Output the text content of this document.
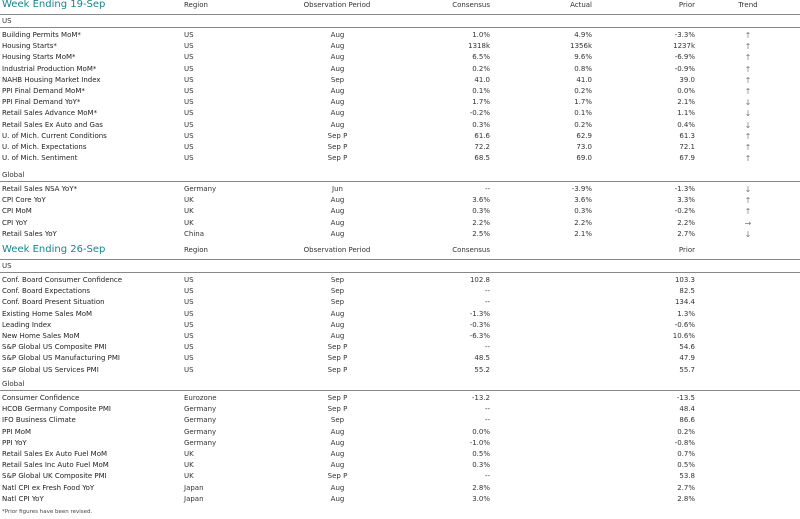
Week Ending 19-Sep	Region	Observation Period	Consensus	Actual	Prior	Trend
US
Building Permits MoM*	US	Aug	1.0%	4.9%	-3.3%	↑
Housing Starts*	US	Aug	1318k	1356k	1237k	↑
Housing Starts MoM*	US	Aug	6.5%	9.6%	-6.9%	↑
Industrial Production MoM*	US	Aug	0.2%	0.8%	-0.9%	↑
NAHB Housing Market Index	US	Sep	41.0	41.0	39.0	↑
PPI Final Demand MoM*	US	Aug	0.1%	0.2%	0.0%	↑
PPI Final Demand YoY*	US	Aug	1.7%	1.7%	2.1%	↓
Retail Sales Advance MoM*	US	Aug	-0.2%	0.1%	1.1%	↓
Retail Sales Ex Auto and Gas	US	Aug	0.3%	0.2%	0.4%	↓
U. of Mich. Current Conditions	US	Sep P	61.6	62.9	61.3	↑
U. of Mich. Expectations	US	Sep P	72.2	73.0	72.1	↑
U. of Mich. Sentiment	US	Sep P	68.5	69.0	67.9	↑
Global
Retail Sales NSA YoY*	Germany	Jun	--	-3.9%	-1.3%	↓
CPI Core YoY	UK	Aug	3.6%	3.6%	3.3%	↑
CPI MoM	UK	Aug	0.3%	0.3%	-0.2%	↑
CPI YoY	UK	Aug	2.2%	2.2%	2.2%	→
Retail Sales YoY	China	Aug	2.5%	2.1%	2.7%	↓
Week Ending 26-Sep	Region	Observation Period	Consensus	Prior
US
Conf. Board Consumer Confidence	US	Sep	102.8	103.3
Conf. Board Expectations	US	Sep	--	82.5
Conf. Board Present Situation	US	Sep	--	134.4
Existing Home Sales MoM	US	Aug	-1.3%	1.3%
Leading Index	US	Aug	-0.3%	-0.6%
New Home Sales MoM	US	Aug	-6.3%	10.6%
S&P Global US Composite PMI	US	Sep P	--	54.6
S&P Global US Manufacturing PMI	US	Sep P	48.5	47.9
S&P Global US Services PMI	US	Sep P	55.2	55.7
Global
Consumer Confidence	Eurozone	Sep P	-13.2	-13.5
HCOB Germany Composite PMI	Germany	Sep P	--	48.4
IFO Business Climate	Germany	Sep	--	86.6
PPI MoM	Germany	Aug	0.0%	0.2%
PPI YoY	Germany	Aug	-1.0%	-0.8%
Retail Sales Ex Auto Fuel MoM	UK	Aug	0.5%	0.7%
Retail Sales Inc Auto Fuel MoM	UK	Aug	0.3%	0.5%
S&P Global UK Composite PMI	UK	Sep P	--	53.8
Natl CPI ex Fresh Food YoY	Japan	Aug	2.8%	2.7%
Natl CPI YoY	Japan	Aug	3.0%	2.8%
*Prior figures have been revised.
